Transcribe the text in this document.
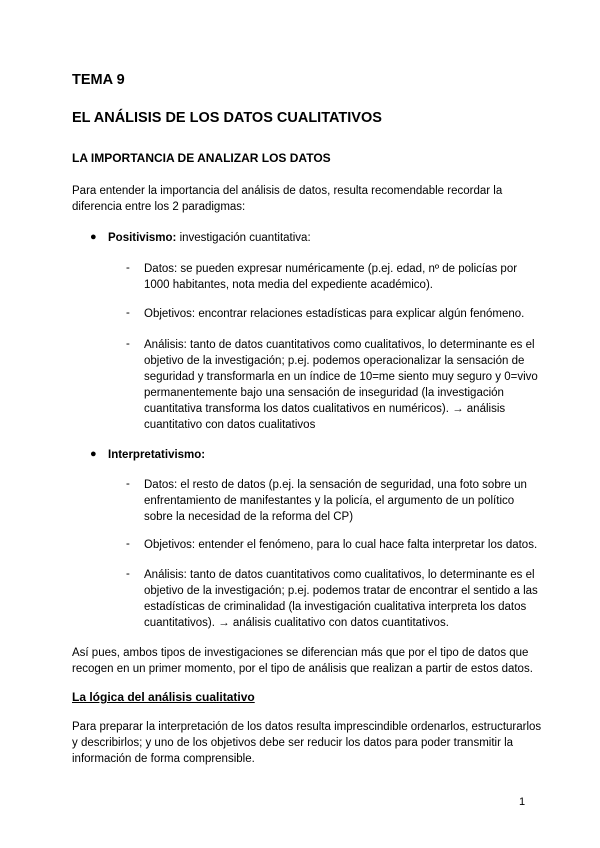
TEMA 9
EL ANÁLISIS DE LOS DATOS CUALITATIVOS
LA IMPORTANCIA DE ANALIZAR LOS DATOS
Para entender la importancia del análisis de datos, resulta recomendable recordar la
diferencia entre los 2 paradigmas:
● Positivismo: investigación cuantitativa:
- Datos: se pueden expresar numéricamente (p.ej. edad, nº de policías por
1000 habitantes, nota media del expediente académico).
- Objetivos: encontrar relaciones estadísticas para explicar algún fenómeno.
- Análisis: tanto de datos cuantitativos como cualitativos, lo determinante es el
objetivo de la investigación; p.ej. podemos operacionalizar la sensación de
seguridad y transformarla en un índice de 10=me siento muy seguro y 0=vivo
permanentemente bajo una sensación de inseguridad (la investigación
cuantitativa transforma los datos cualitativos en numéricos). → análisis
cuantitativo con datos cualitativos
● Interpretativismo:
- Datos: el resto de datos (p.ej. la sensación de seguridad, una foto sobre un
enfrentamiento de manifestantes y la policía, el argumento de un político
sobre la necesidad de la reforma del CP)
- Objetivos: entender el fenómeno, para lo cual hace falta interpretar los datos.
- Análisis: tanto de datos cuantitativos como cualitativos, lo determinante es el
objetivo de la investigación; p.ej. podemos tratar de encontrar el sentido a las
estadísticas de criminalidad (la investigación cualitativa interpreta los datos
cuantitativos). → análisis cualitativo con datos cuantitativos.
Así pues, ambos tipos de investigaciones se diferencian más que por el tipo de datos que
recogen en un primer momento, por el tipo de análisis que realizan a partir de estos datos.
La lógica del análisis cualitativo
Para preparar la interpretación de los datos resulta imprescindible ordenarlos, estructurarlos
y describirlos; y uno de los objetivos debe ser reducir los datos para poder transmitir la
información de forma comprensible.
1
